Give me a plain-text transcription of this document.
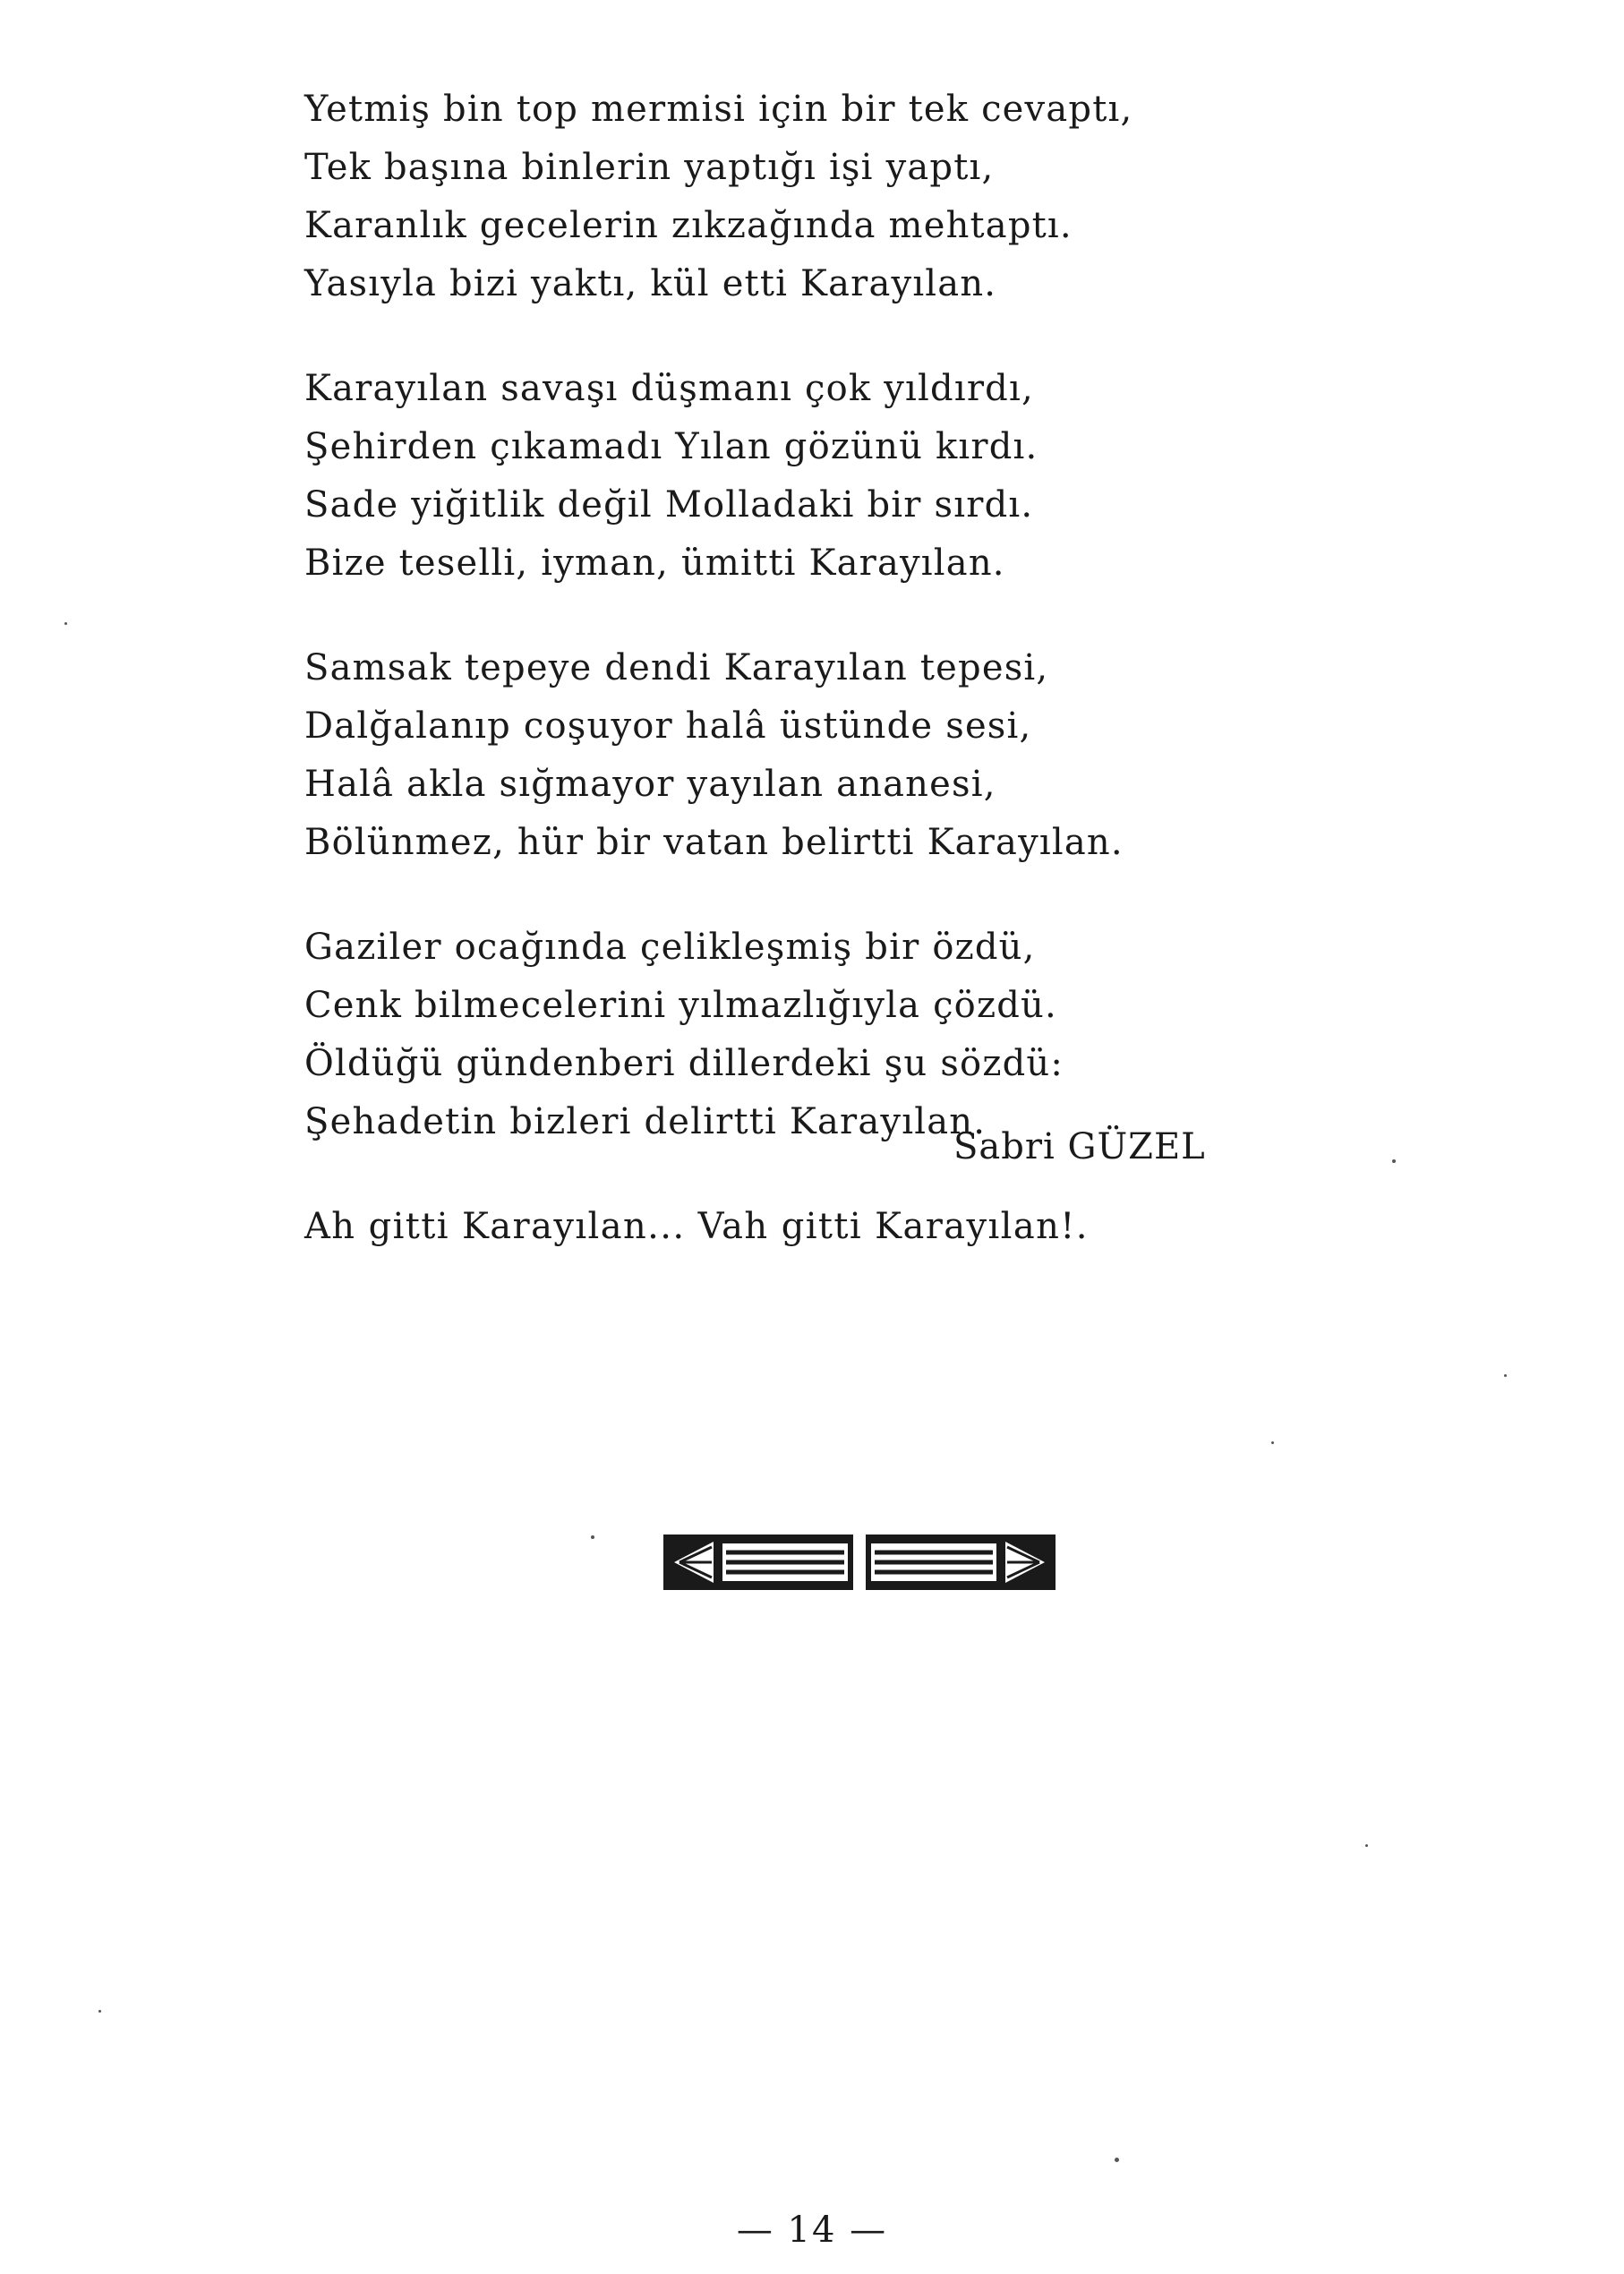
Yetmiş bin top mermisi için bir tek cevaptı,
Tek başına binlerin yaptığı işi yaptı,
Karanlık gecelerin zıkzağında mehtaptı.
Yasıyla bizi yaktı, kül etti Karayılan.
Karayılan savaşı düşmanı çok yıldırdı,
Şehirden çıkamadı Yılan gözünü kırdı.
Sade yiğitlik değil Molladaki bir sırdı.
Bize teselli, iyman, ümitti Karayılan.
Samsak tepeye dendi Karayılan tepesi,
Dalğalanıp coşuyor halâ üstünde sesi,
Halâ akla sığmayor yayılan ananesi,
Bölünmez, hür bir vatan belirtti Karayılan.
Gaziler ocağında çelikleşmiş bir özdü,
Cenk bilmecelerini yılmazlığıyla çözdü.
Öldüğü gündenberi dillerdeki şu sözdü:
Şehadetin bizleri delirtti Karayılan.
Ah gitti Karayılan... Vah gitti Karayılan!.
Sabri GÜZEL
— 14 —
